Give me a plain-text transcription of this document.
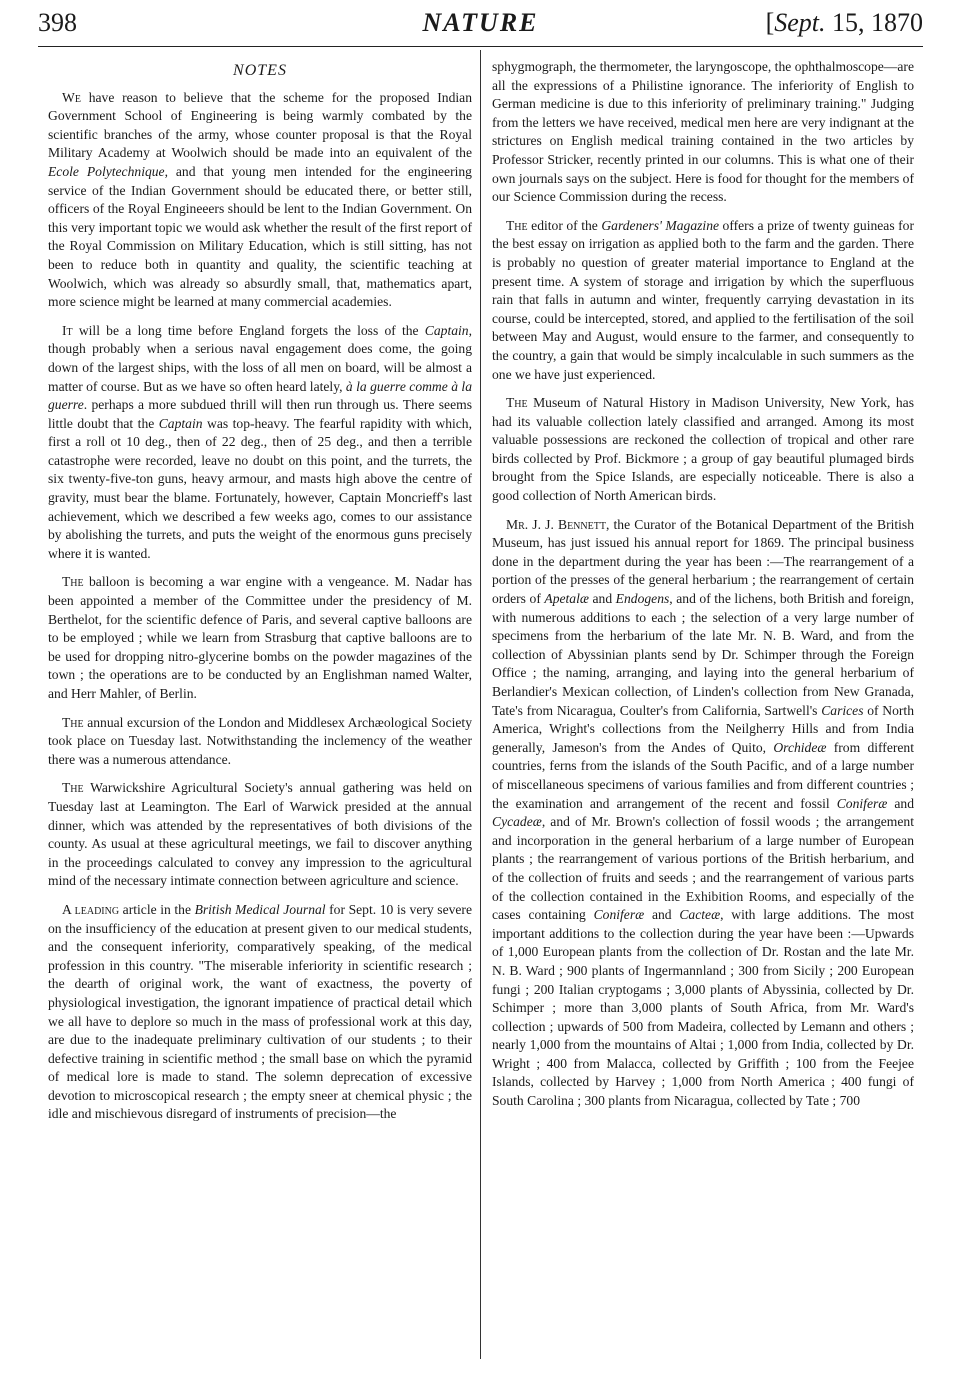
398	NATURE	[Sept. 15, 1870
NOTES

We have reason to believe that the scheme for the proposed Indian Government School of Engineering is being warmly combated by the scientific branches of the army, whose counter proposal is that the Royal Military Academy at Woolwich should be made into an equivalent of the Ecole Polytechnique, and that young men intended for the engineering service of the Indian Government should be educated there, or better still, officers of the Royal Engineeers should be lent to the Indian Government. On this very important topic we would ask whether the result of the first report of the Royal Commission on Military Education, which is still sitting, has not been to reduce both in quantity and quality, the scientific teaching at Woolwich, which was already so absurdly small, that, mathematics apart, more science might be learned at many commercial academies.

It will be a long time before England forgets the loss of the Captain, though probably when a serious naval engagement does come, the going down of the largest ships, with the loss of all men on board, will be almost a matter of course. But as we have so often heard lately, à la guerre comme à la guerre. perhaps a more subdued thrill will then run through us. There seems little doubt that the Captain was top-heavy. The fearful rapidity with which, first a roll ot 10 deg., then of 22 deg., then of 25 deg., and then a terrible catastrophe were recorded, leave no doubt on this point, and the turrets, the six twenty-five-ton guns, heavy armour, and masts high above the centre of gravity, must bear the blame. Fortunately, however, Captain Moncrieff's last achievement, which we described a few weeks ago, comes to our assistance by abolishing the turrets, and puts the weight of the enormous guns precisely where it is wanted.

The balloon is becoming a war engine with a vengeance. M. Nadar has been appointed a member of the Committee under the presidency of M. Berthelot, for the scientific defence of Paris, and several captive balloons are to be employed ; while we learn from Strasburg that captive balloons are to be used for dropping nitro-glycerine bombs on the powder magazines of the town ; the operations are to be conducted by an Englishman named Walter, and Herr Mahler, of Berlin.

The annual excursion of the London and Middlesex Archæological Society took place on Tuesday last. Notwithstanding the inclemency of the weather there was a numerous attendance.

The Warwickshire Agricultural Society's annual gathering was held on Tuesday last at Leamington. The Earl of Warwick presided at the annual dinner, which was attended by the representatives of both divisions of the county. As usual at these agricultural meetings, we fail to discover anything in the proceedings calculated to convey any impression to the agricultural mind of the necessary intimate connection between agriculture and science.

A leading article in the British Medical Journal for Sept. 10 is very severe on the insufficiency of the education at present given to our medical students, and the consequent inferiority, comparatively speaking, of the medical profession in this country. "The miserable inferiority in scientific research ; the dearth of original work, the want of exactness, the poverty of physiological investigation, the ignorant impatience of practical detail which we all have to deplore so much in the mass of professional work at this day, are due to the inadequate preliminary cultivation of our students ; to their defective training in scientific method ; the small base on which the pyramid of medical lore is made to stand. The solemn deprecation of excessive devotion to microscopical research ; the empty sneer at chemical physic ; the idle and mischievous disregard of instruments of precision—the

sphygmograph, the thermometer, the laryngoscope, the ophthalmoscope—are all the expressions of a Philistine ignorance. The inferiority of English to German medicine is due to this inferiority of preliminary training." Judging from the letters we have received, medical men here are very indignant at the strictures on English medical training contained in the two articles by Professor Stricker, recently printed in our columns. This is what one of their own journals says on the subject. Here is food for thought for the members of our Science Commission during the recess.

The editor of the Gardeners' Magazine offers a prize of twenty guineas for the best essay on irrigation as applied both to the farm and the garden. There is probably no question of greater material importance to England at the present time. A system of storage and irrigation by which the superfluous rain that falls in autumn and winter, frequently carrying devastation in its course, could be intercepted, stored, and applied to the fertilisation of the soil between May and August, would ensure to the farmer, and consequently to the country, a gain that would be simply incalculable in such summers as the one we have just experienced.

The Museum of Natural History in Madison University, New York, has had its valuable collection lately classified and arranged. Among its most valuable possessions are reckoned the collection of tropical and other rare birds collected by Prof. Bickmore ; a group of gay beautiful plumaged birds brought from the Spice Islands, are especially noticeable. There is also a good collection of North American birds.

Mr. J. J. Bennett, the Curator of the Botanical Department of the British Museum, has just issued his annual report for 1869. The principal business done in the department during the year has been :—The rearrangement of a portion of the presses of the general herbarium ; the rearrangement of certain orders of Apetalæ and Endogens, and of the lichens, both British and foreign, with numerous additions to each ; the selection of a very large number of specimens from the herbarium of the late Mr. N. B. Ward, and from the collection of Abyssinian plants send by Dr. Schimper through the Foreign Office ; the naming, arranging, and laying into the general herbarium of Berlandier's Mexican collection, of Linden's collection from New Granada, Tate's from Nicaragua, Coulter's from California, Sartwell's Carices of North America, Wright's collections from the Neilgherry Hills and from India generally, Jameson's from the Andes of Quito, Orchideæ from different countries, ferns from the islands of the South Pacific, and of a large number of miscellaneous specimens of various families and from different countries ; the examination and arrangement of the recent and fossil Coniferæ and Cycadeæ, and of Mr. Brown's collection of fossil woods ; the arrangement and incorporation in the general herbarium of a large number of European plants ; the rearrangement of various portions of the British herbarium, and of the collection of fruits and seeds ; and the rearrangement of various parts of the collection contained in the Exhibition Rooms, and especially of the cases containing Coniferæ and Cacteæ, with large additions. The most important additions to the collection during the year have been :—Upwards of 1,000 European plants from the collection of Dr. Rostan and the late Mr. N. B. Ward ; 900 plants of Ingermannland ; 300 from Sicily ; 200 European fungi ; 200 Italian cryptogams ; 3,000 plants of Abyssinia, collected by Dr. Schimper ; more than 3,000 plants of South Africa, from Mr. Ward's collection ; upwards of 500 from Madeira, collected by Lemann and others ; nearly 1,000 from the mountains of Altai ; 1,000 from India, collected by Dr. Wright ; 400 from Malacca, collected by Griffith ; 100 from the Feejee Islands, collected by Harvey ; 1,000 from North America ; 400 fungi of South Carolina ; 300 plants from Nicaragua, collected by Tate ; 700
